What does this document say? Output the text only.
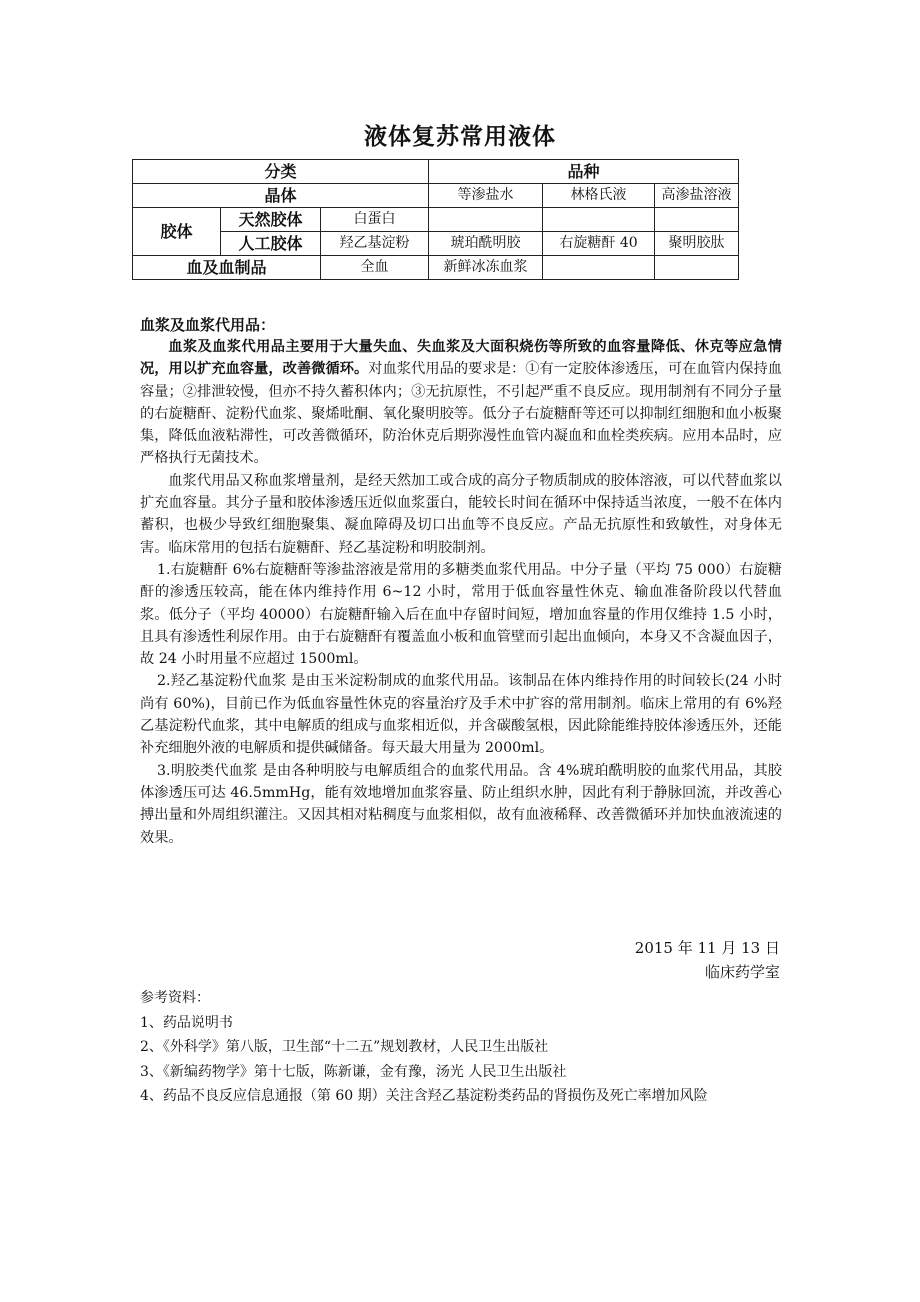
液体复苏常用液体
分类			品种		
晶体			等渗盐水	林格氏液	高渗盐溶液
胶体	天然胶体	白蛋白			
	人工胶体	羟乙基淀粉	琥珀酰明胶	右旋糖酐 40	聚明胶肽
血及血制品		全血	新鲜冰冻血浆		
血浆及血浆代用品：

血浆及血浆代用品主要用于大量失血、失血浆及大面积烧伤等所致的血容量降低、休克等应急情况，用以扩充血容量，改善微循环。对血浆代用品的要求是：①有一定胶体渗透压，可在血管内保持血容量；②排泄较慢，但亦不持久蓄积体内；③无抗原性，不引起严重不良反应。现用制剂有不同分子量的右旋糖酐、淀粉代血浆、聚烯吡酮、氧化聚明胶等。低分子右旋糖酐等还可以抑制红细胞和血小板聚集，降低血液粘滞性，可改善微循环，防治休克后期弥漫性血管内凝血和血栓类疾病。应用本品时，应严格执行无菌技术。

血浆代用品又称血浆增量剂，是经天然加工或合成的高分子物质制成的胶体溶液，可以代替血浆以扩充血容量。其分子量和胶体渗透压近似血浆蛋白，能较长时间在循环中保持适当浓度，一般不在体内蓄积，也极少导致红细胞聚集、凝血障碍及切口出血等不良反应。产品无抗原性和致敏性，对身体无害。临床常用的包括右旋糖酐、羟乙基淀粉和明胶制剂。

1.右旋糖酐 6%右旋糖酐等渗盐溶液是常用的多糖类血浆代用品。中分子量（平均 75 000）右旋糖酐的渗透压较高，能在体内维持作用 6~12 小时，常用于低血容量性休克、输血准备阶段以代替血浆。低分子（平均 40000）右旋糖酐输入后在血中存留时间短，增加血容量的作用仅维持 1.5 小时，且具有渗透性利尿作用。由于右旋糖酐有覆盖血小板和血管壁而引起出血倾向，本身又不含凝血因子，故 24 小时用量不应超过 1500ml。

2.羟乙基淀粉代血浆 是由玉米淀粉制成的血浆代用品。该制品在体内维持作用的时间较长(24 小时尚有 60%)，目前已作为低血容量性休克的容量治疗及手术中扩容的常用制剂。临床上常用的有 6%羟乙基淀粉代血浆，其中电解质的组成与血浆相近似，并含碳酸氢根，因此除能维持胶体渗透压外，还能补充细胞外液的电解质和提供碱储备。每天最大用量为 2000ml。

3.明胶类代血浆 是由各种明胶与电解质组合的血浆代用品。含 4%琥珀酰明胶的血浆代用品，其胶体渗透压可达 46.5mmHg，能有效地增加血浆容量、防止组织水肿，因此有利于静脉回流，并改善心搏出量和外周组织灌注。又因其相对粘稠度与血浆相似，故有血液稀释、改善微循环并加快血液流速的效果。

2015 年 11 月 13 日
临床药学室
参考资料：
1、药品说明书
2、《外科学》第八版，卫生部“十二五”规划教材，人民卫生出版社
3、《新编药物学》第十七版，陈新谦，金有豫，汤光 人民卫生出版社
4、药品不良反应信息通报（第 60 期）关注含羟乙基淀粉类药品的肾损伤及死亡率增加风险
